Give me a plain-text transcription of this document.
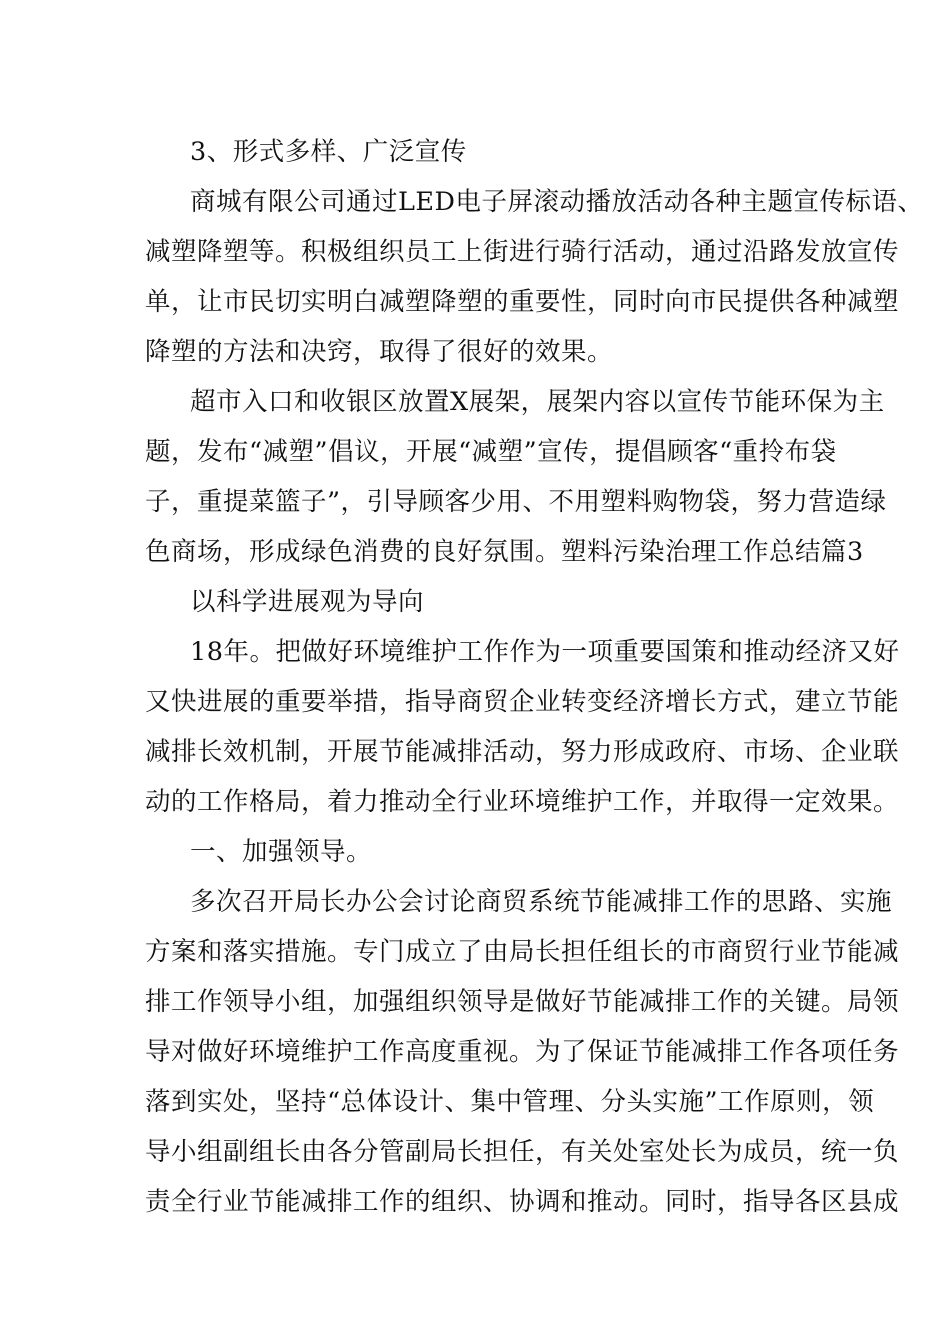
3、形式多样、广泛宣传
商城有限公司通过LED电子屏滚动播放活动各种主题宣传标语、
减塑降塑等。积极组织员工上街进行骑行活动，通过沿路发放宣传
单，让市民切实明白减塑降塑的重要性，同时向市民提供各种减塑
降塑的方法和决窍，取得了很好的效果。
超市入口和收银区放置X展架，展架内容以宣传节能环保为主
题，发布“减塑”倡议，开展“减塑”宣传，提倡顾客“重拎布袋
子，重提菜篮子”，引导顾客少用、不用塑料购物袋，努力营造绿
色商场，形成绿色消费的良好氛围。塑料污染治理工作总结篇3
以科学进展观为导向
18年。把做好环境维护工作作为一项重要国策和推动经济又好
又快进展的重要举措，指导商贸企业转变经济增长方式，建立节能
减排长效机制，开展节能减排活动，努力形成政府、市场、企业联
动的工作格局，着力推动全行业环境维护工作，并取得一定效果。
一、加强领导。
多次召开局长办公会讨论商贸系统节能减排工作的思路、实施
方案和落实措施。专门成立了由局长担任组长的市商贸行业节能减
排工作领导小组，加强组织领导是做好节能减排工作的关键。局领
导对做好环境维护工作高度重视。为了保证节能减排工作各项任务
落到实处，坚持“总体设计、集中管理、分头实施”工作原则，领
导小组副组长由各分管副局长担任，有关处室处长为成员，统一负
责全行业节能减排工作的组织、协调和推动。同时，指导各区县成
